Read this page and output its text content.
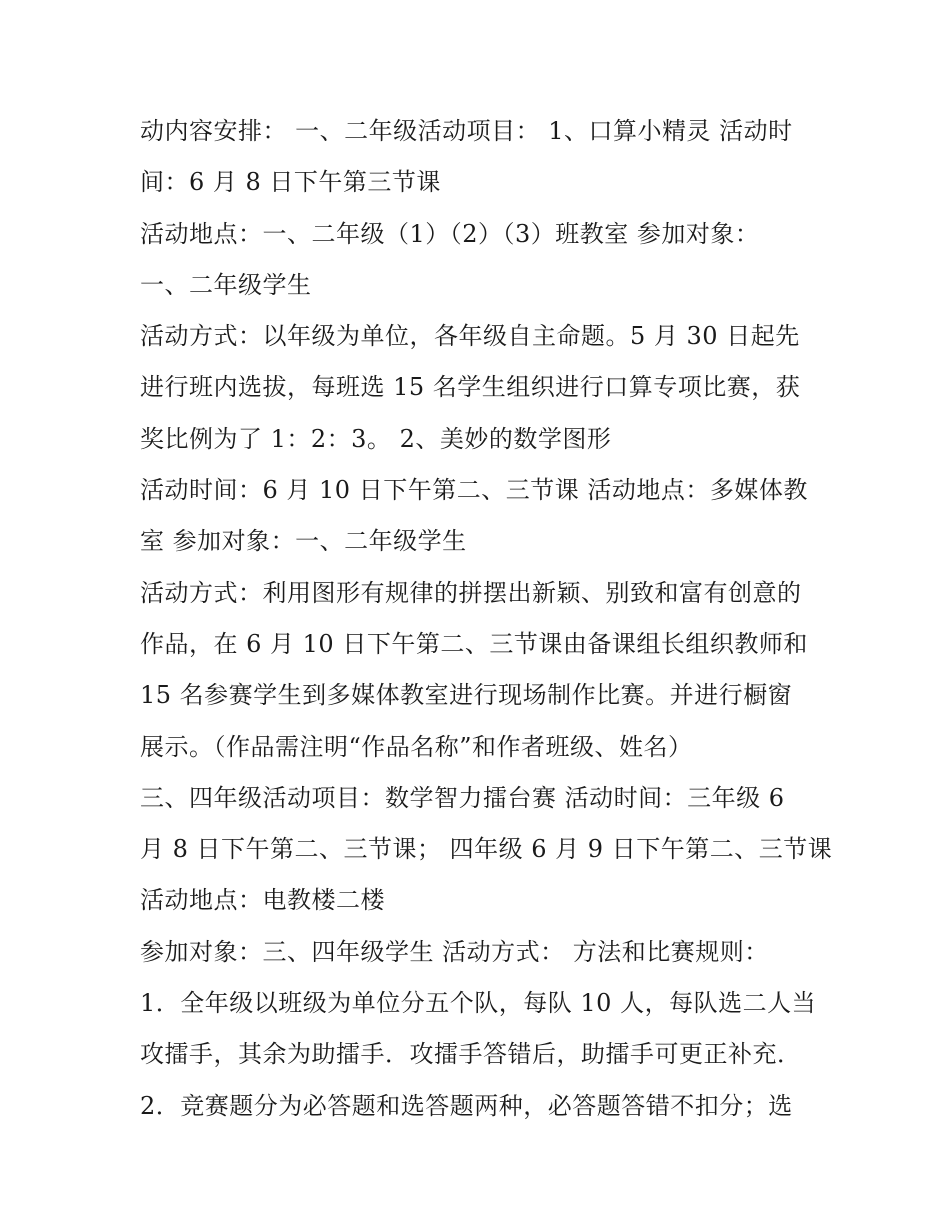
动内容安排： 一、二年级活动项目： 1、口算小精灵 活动时
间：6 月 8 日下午第三节课
活动地点：一、二年级（1）（2）（3）班教室 参加对象：
一、二年级学生
活动方式：以年级为单位，各年级自主命题。5 月 30 日起先
进行班内选拔，每班选 15 名学生组织进行口算专项比赛，获
奖比例为了 1：2：3。 2、美妙的数学图形
活动时间：6 月 10 日下午第二、三节课 活动地点：多媒体教
室 参加对象：一、二年级学生
活动方式：利用图形有规律的拼摆出新颖、别致和富有创意的
作品，在 6 月 10 日下午第二、三节课由备课组长组织教师和
15 名参赛学生到多媒体教室进行现场制作比赛。并进行橱窗
展示。（作品需注明“作品名称”和作者班级、姓名）
三、四年级活动项目：数学智力擂台赛 活动时间：三年级 6
月 8 日下午第二、三节课； 四年级 6 月 9 日下午第二、三节课
活动地点：电教楼二楼
参加对象：三、四年级学生 活动方式： 方法和比赛规则：
1．全年级以班级为单位分五个队，每队 10 人，每队选二人当
攻擂手，其余为助擂手．攻擂手答错后，助擂手可更正补充．
2．竞赛题分为必答题和选答题两种，必答题答错不扣分；选
